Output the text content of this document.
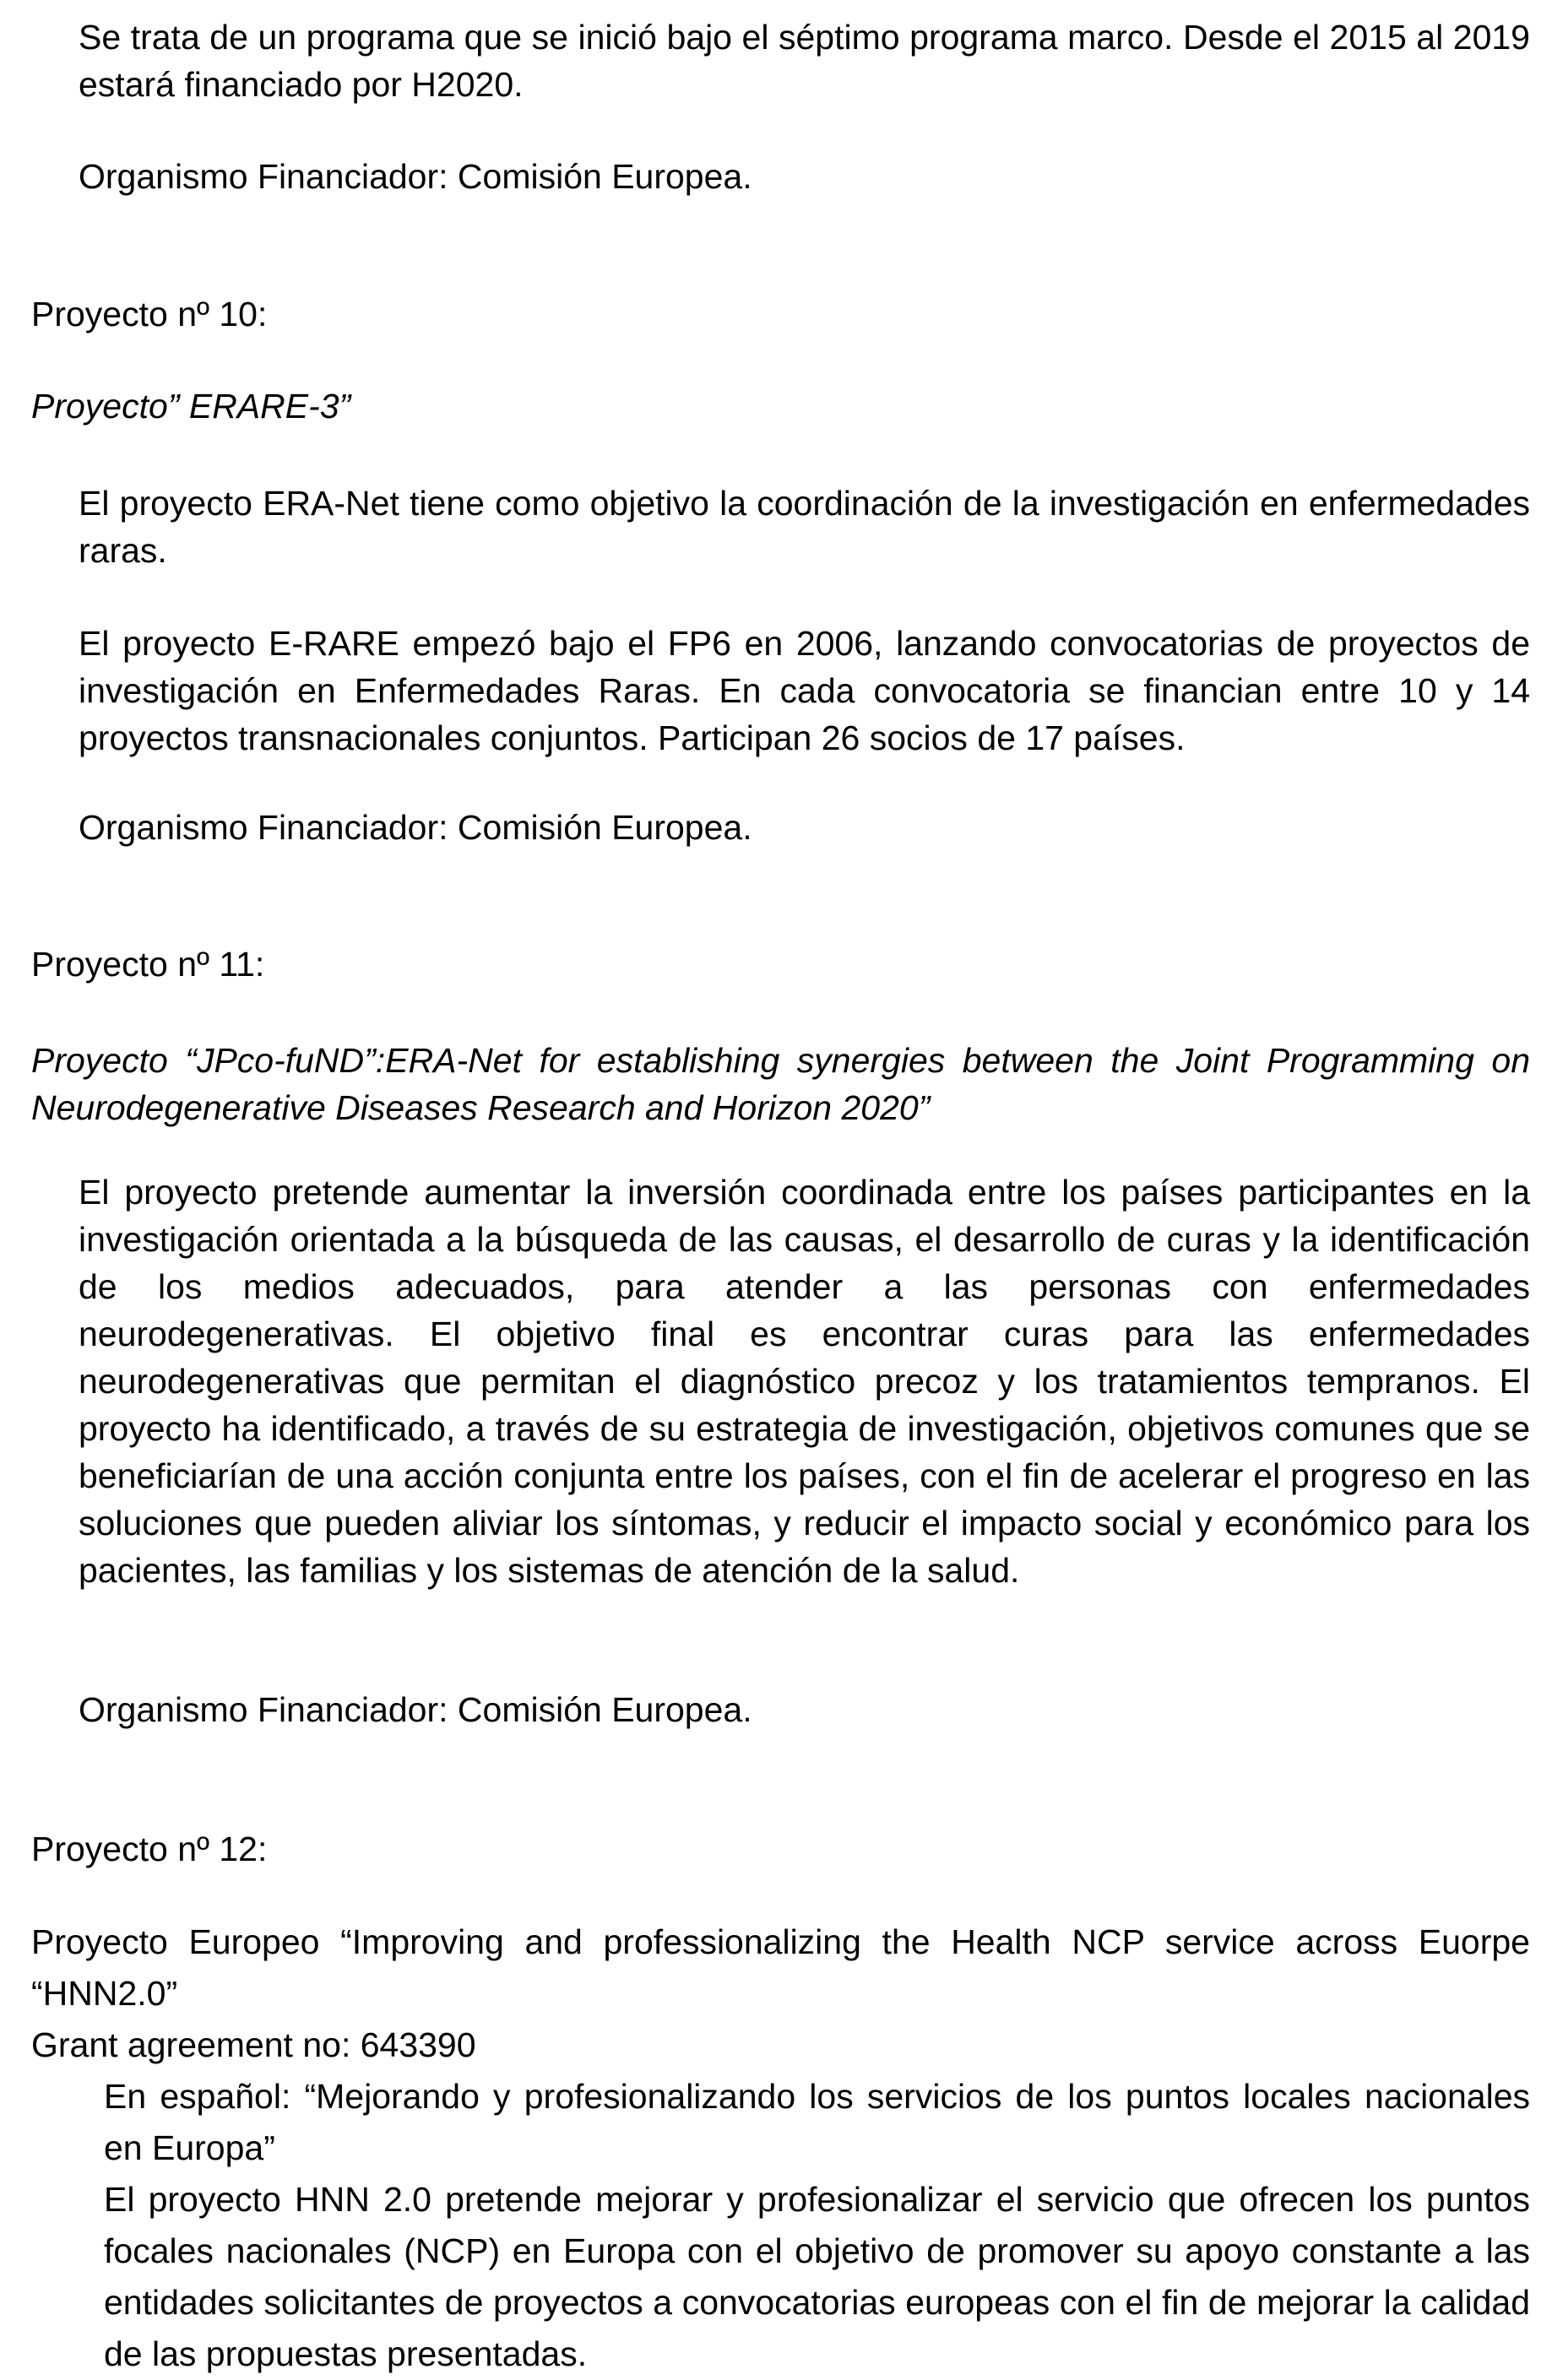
Se trata de un programa que se inició bajo el séptimo programa marco. Desde el 2015 al 2019 estará financiado por H2020.

Organismo Financiador: Comisión Europea.

Proyecto nº 10:

Proyecto” ERARE-3”

El proyecto ERA-Net tiene como objetivo la coordinación de la investigación en enfermedades raras.

El proyecto E-RARE empezó bajo el FP6 en 2006, lanzando convocatorias de proyectos de investigación en Enfermedades Raras. En cada convocatoria se financian entre 10 y 14 proyectos transnacionales conjuntos. Participan 26 socios de 17 países.

Organismo Financiador: Comisión Europea.

Proyecto nº 11:

Proyecto “JPco-fuND”:ERA-Net for establishing synergies between the Joint Programming on Neurodegenerative Diseases Research and Horizon 2020”

El proyecto pretende aumentar la inversión coordinada entre los países participantes en la investigación orientada a la búsqueda de las causas, el desarrollo de curas y la identificación de los medios adecuados, para atender a las personas con enfermedades neurodegenerativas. El objetivo final es encontrar curas para las enfermedades neurodegenerativas que permitan el diagnóstico precoz y los tratamientos tempranos. El proyecto ha identificado, a través de su estrategia de investigación, objetivos comunes que se beneficiarían de una acción conjunta entre los países, con el fin de acelerar el progreso en las soluciones que pueden aliviar los síntomas, y reducir el impacto social y económico para los pacientes, las familias y los sistemas de atención de la salud.

Organismo Financiador: Comisión Europea.

Proyecto nº 12:

Proyecto Europeo “Improving and professionalizing the Health NCP service across Euorpe “HNN2.0”

Grant agreement no: 643390

En español: “Mejorando y profesionalizando los servicios de los puntos locales nacionales en Europa”

El proyecto HNN 2.0 pretende mejorar y profesionalizar el servicio que ofrecen los puntos focales nacionales (NCP) en Europa con el objetivo de promover su apoyo constante a las entidades solicitantes de proyectos a convocatorias europeas con el fin de mejorar la calidad de las propuestas presentadas.
